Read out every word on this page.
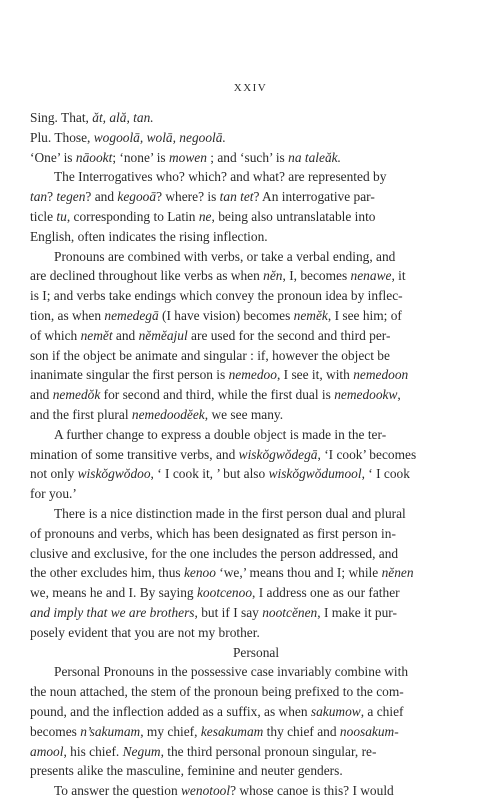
XXIV
Sing. That, ăt, ală, tan.
Plu. Those, wogoolā, wolā, negoolā.
‘One’ is nāookt; ‘none’ is mowen ; and ‘such’ is na taleăk.
The Interrogatives who? which? and what? are represented by
tan? tegen? and kegooā? where? is tan tet? An interrogative par-
ticle tu, corresponding to Latin ne, being also untranslatable into
English, often indicates the rising inflection.
Pronouns are combined with verbs, or take a verbal ending, and
are declined throughout like verbs as when nĕn, I, becomes nenawe, it
is I; and verbs take endings which convey the pronoun idea by inflec-
tion, as when nemedegā (I have vision) becomes nemĕk, I see him; of
of which nemĕt and nĕmĕajul are used for the second and third per-
son if the object be animate and singular : if, however the object be
inanimate singular the first person is nemedoo, I see it, with nemedoon
and nemedŏk for second and third, while the first dual is nemedookw,
and the first plural nemedoodĕek, we see many.
A further change to express a double object is made in the ter-
mination of some transitive verbs, and wiskŏgwŏdegā, ‘I cook’ becomes
not only wiskŏgwŏdoo, ‘ I cook it, ’ but also wiskŏgwŏdumool, ‘ I cook
for you.’
There is a nice distinction made in the first person dual and plural
of pronouns and verbs, which has been designated as first person in-
clusive and exclusive, for the one includes the person addressed, and
the other excludes him, thus kenoo ‘we,’ means thou and I; while nĕnen
we, means he and I. By saying kootcenoo, I address one as our father
and imply that we are brothers, but if I say nootcĕnen, I make it pur-
posely evident that you are not my brother.
Personal
Personal Pronouns in the possessive case invariably combine with
the noun attached, the stem of the pronoun being prefixed to the com-
pound, and the inflection added as a suffix, as when sakumow, a chief
becomes n’sakumam, my chief, kesakumam thy chief and noosakum-
amool, his chief. Negum, the third personal pronoun singular, re-
presents alike the masculine, feminine and neuter genders.
To answer the question wenotool? whose canoe is this? I would
